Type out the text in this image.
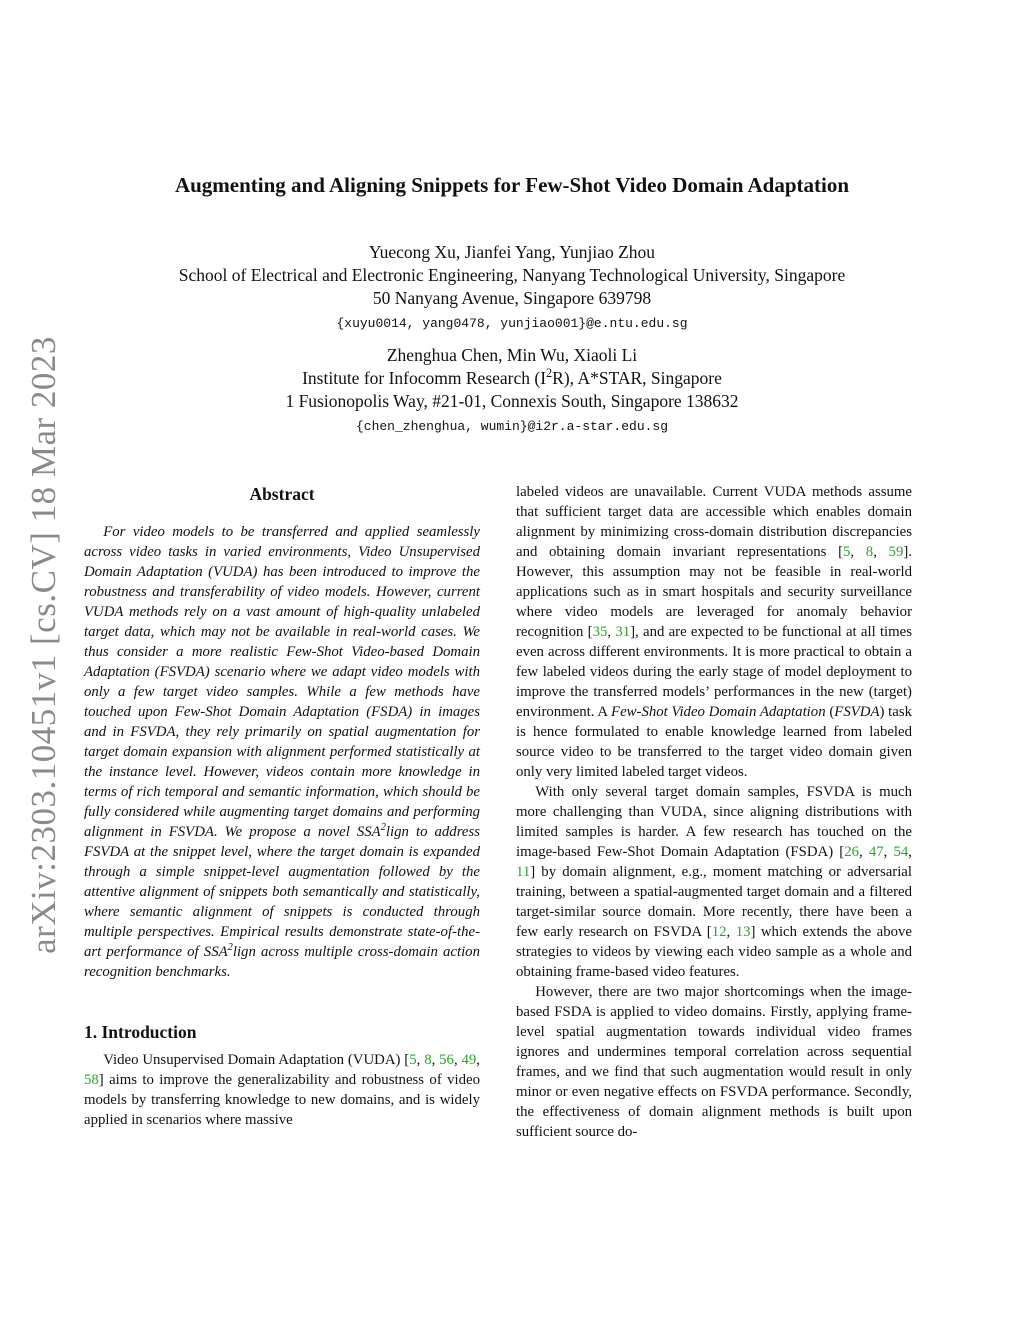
arXiv:2303.10451v1 [cs.CV] 18 Mar 2023
Augmenting and Aligning Snippets for Few-Shot Video Domain Adaptation
Yuecong Xu, Jianfei Yang, Yunjiao Zhou
School of Electrical and Electronic Engineering, Nanyang Technological University, Singapore
50 Nanyang Avenue, Singapore 639798
{xuyu0014, yang0478, yunjiao001}@e.ntu.edu.sg
Zhenghua Chen, Min Wu, Xiaoli Li
Institute for Infocomm Research $(I^2R)$, A*STAR, Singapore
1 Fusionopolis Way, #21-01, Connexis South, Singapore 138632
{chen_zhenghua, wumin}@i2r.a-star.edu.sg
Abstract

For video models to be transferred and applied seamlessly across video tasks in varied environments, Video Unsupervised Domain Adaptation (VUDA) has been introduced to improve the robustness and transferability of video models. However, current VUDA methods rely on a vast amount of high-quality unlabeled target data, which may not be available in real-world cases. We thus consider a more realistic Few-Shot Video-based Domain Adaptation (FSVDA) scenario where we adapt video models with only a few target video samples. While a few methods have touched upon Few-Shot Domain Adaptation (FSDA) in images and in FSVDA, they rely primarily on spatial augmentation for target domain expansion with alignment performed statistically at the instance level. However, videos contain more knowledge in terms of rich temporal and semantic information, which should be fully considered while augmenting target domains and performing alignment in FSVDA. We propose a novel SSA$^2$lign to address FSVDA at the snippet level, where the target domain is expanded through a simple snippet-level augmentation followed by the attentive alignment of snippets both semantically and statistically, where semantic alignment of snippets is conducted through multiple perspectives. Empirical results demonstrate state-of-the-art performance of SSA$^2$lign across multiple cross-domain action recognition benchmarks.

1. Introduction

Video Unsupervised Domain Adaptation (VUDA) [5, 8, 56, 49, 58] aims to improve the generalizability and robustness of video models by transferring knowledge to new domains, and is widely applied in scenarios where massive

labeled videos are unavailable. Current VUDA methods assume that sufficient target data are accessible which enables domain alignment by minimizing cross-domain distribution discrepancies and obtaining domain invariant representations [5, 8, 59]. However, this assumption may not be feasible in real-world applications such as in smart hospitals and security surveillance where video models are leveraged for anomaly behavior recognition [35, 31], and are expected to be functional at all times even across different environments. It is more practical to obtain a few labeled videos during the early stage of model deployment to improve the transferred models’ performances in the new (target) environment. A Few-Shot Video Domain Adaptation (FSVDA) task is hence formulated to enable knowledge learned from labeled source video to be transferred to the target video domain given only very limited labeled target videos.

With only several target domain samples, FSVDA is much more challenging than VUDA, since aligning distributions with limited samples is harder. A few research has touched on the image-based Few-Shot Domain Adaptation (FSDA) [26, 47, 54, 11] by domain alignment, e.g., moment matching or adversarial training, between a spatial-augmented target domain and a filtered target-similar source domain. More recently, there have been a few early research on FSVDA [12, 13] which extends the above strategies to videos by viewing each video sample as a whole and obtaining frame-based video features.

However, there are two major shortcomings when the image-based FSDA is applied to video domains. Firstly, applying frame-level spatial augmentation towards individual video frames ignores and undermines temporal correlation across sequential frames, and we find that such augmentation would result in only minor or even negative effects on FSVDA performance. Secondly, the effectiveness of domain alignment methods is built upon sufficient source do-
